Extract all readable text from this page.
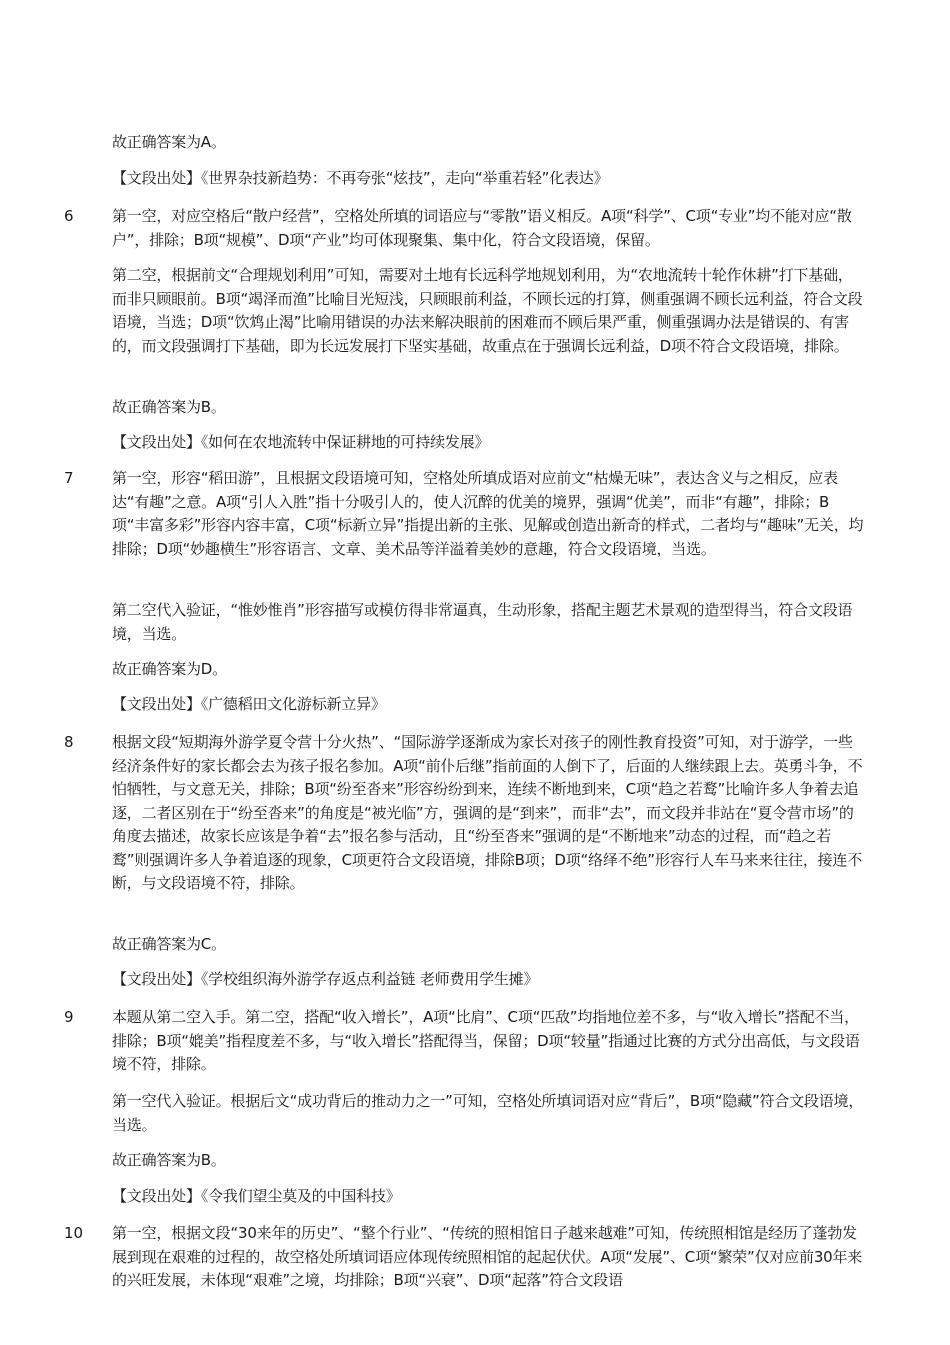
故正确答案为A。
【文段出处】《世界杂技新趋势：不再夸张“炫技”，走向“举重若轻”化表达》
6	第一空，对应空格后“散户经营”，空格处所填的词语应与“零散”语义相反。A项“科学”、C项“专业”均不能对应“散户”，排除；B项“规模”、D项“产业”均可体现聚集、集中化，符合文段语境，保留。
第二空，根据前文“合理规划利用”可知，需要对土地有长远科学地规划利用，为“农地流转十轮作休耕”打下基础，而非只顾眼前。B项“竭泽而渔”比喻目光短浅，只顾眼前利益，不顾长远的打算，侧重强调不顾长远利益，符合文段语境，当选；D项“饮鸩止渴”比喻用错误的办法来解决眼前的困难而不顾后果严重，侧重强调办法是错误的、有害的，而文段强调打下基础，即为长远发展打下坚实基础，故重点在于强调长远利益，D项不符合文段语境，排除。
故正确答案为B。
【文段出处】《如何在农地流转中保证耕地的可持续发展》
7	第一空，形容“稻田游”，且根据文段语境可知，空格处所填成语对应前文“枯燥无味”，表达含义与之相反，应表达“有趣”之意。A项“引人入胜”指十分吸引人的，使人沉醉的优美的境界，强调“优美”，而非“有趣”，排除；B项“丰富多彩”形容内容丰富，C项“标新立异”指提出新的主张、见解或创造出新奇的样式，二者均与“趣味”无关，均排除；D项“妙趣横生”形容语言、文章、美术品等洋溢着美妙的意趣，符合文段语境，当选。
第二空代入验证，“惟妙惟肖”形容描写或模仿得非常逼真，生动形象，搭配主题艺术景观的造型得当，符合文段语境，当选。
故正确答案为D。
【文段出处】《广德稻田文化游标新立异》
8	根据文段“短期海外游学夏令营十分火热”、“国际游学逐渐成为家长对孩子的刚性教育投资”可知，对于游学，一些经济条件好的家长都会去为孩子报名参加。A项“前仆后继”指前面的人倒下了，后面的人继续跟上去。英勇斗争，不怕牺牲，与文意无关，排除；B项“纷至沓来”形容纷纷到来，连续不断地到来，C项“趋之若鹜”比喻许多人争着去追逐，二者区别在于“纷至沓来”的角度是“被光临”方，强调的是“到来”，而非“去”，而文段并非站在“夏令营市场”的角度去描述，故家长应该是争着“去”报名参与活动，且“纷至沓来”强调的是“不断地来”动态的过程，而“趋之若鹜”则强调许多人争着追逐的现象，C项更符合文段语境，排除B项；D项“络绎不绝”形容行人车马来来往往，接连不断，与文段语境不符，排除。
故正确答案为C。
【文段出处】《学校组织海外游学存返点利益链 老师费用学生摊》
9	本题从第二空入手。第二空，搭配“收入增长”，A项“比肩”、C项“匹敌”均指地位差不多，与“收入增长”搭配不当，排除；B项“媲美”指程度差不多，与“收入增长”搭配得当，保留；D项“较量”指通过比赛的方式分出高低，与文段语境不符，排除。
第一空代入验证。根据后文“成功背后的推动力之一”可知，空格处所填词语对应“背后”，B项“隐藏”符合文段语境，当选。
故正确答案为B。
【文段出处】《令我们望尘莫及的中国科技》
10 第一空，根据文段“30来年的历史”、“整个行业”、“传统的照相馆日子越来越难”可知，传统照相馆是经历了蓬勃发展到现在艰难的过程的，故空格处所填词语应体现传统照相馆的起起伏伏。A项“发展”、C项“繁荣”仅对应前30年来的兴旺发展，未体现“艰难”之境，均排除；B项“兴衰”、D项“起落”符合文段语
